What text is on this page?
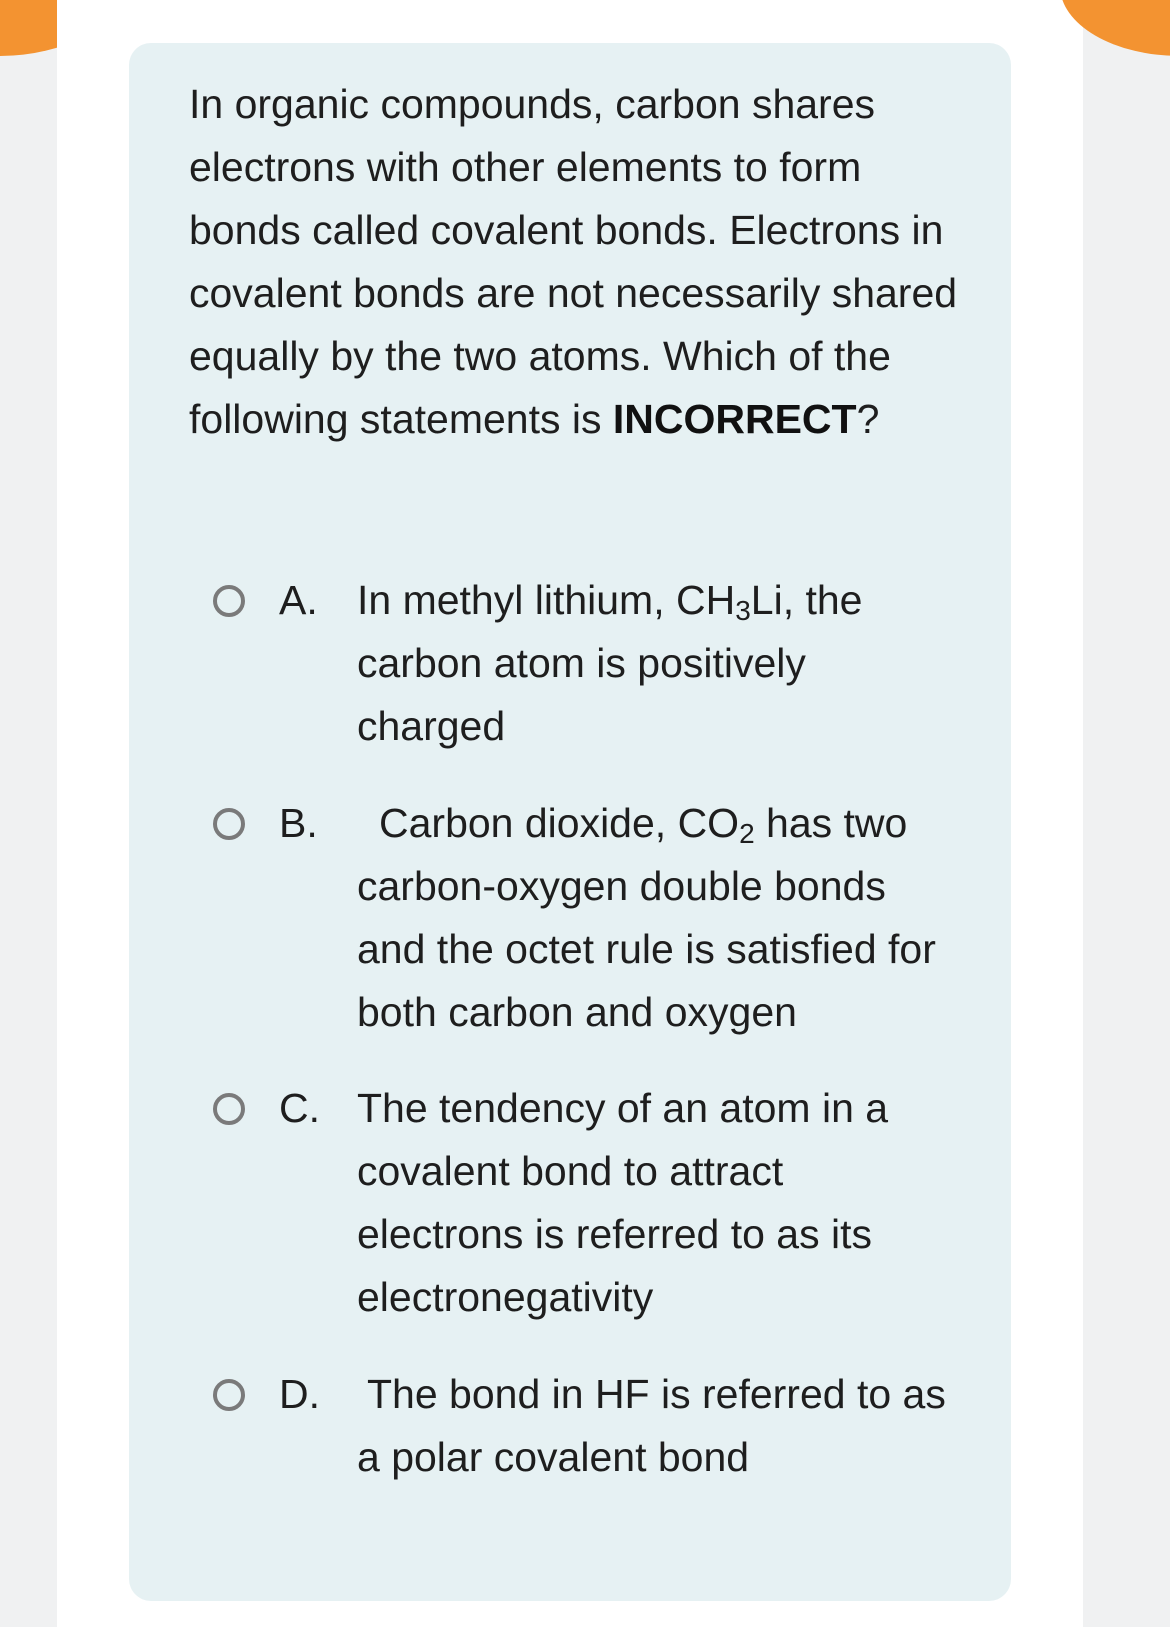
In organic compounds, carbon shares electrons with other elements to form bonds called covalent bonds. Electrons in covalent bonds are not necessarily shared equally by the two atoms. Which of the following statements is INCORRECT?
A. In methyl lithium, $CH_3Li$, the carbon atom is positively charged
B.	Carbon dioxide, $CO_2$ has two carbon-oxygen double bonds and the octet rule is satisfied for both carbon and oxygen
C. The tendency of an atom in a covalent bond to attract electrons is referred to as its electronegativity
D. The bond in HF is referred to as a polar covalent bond
